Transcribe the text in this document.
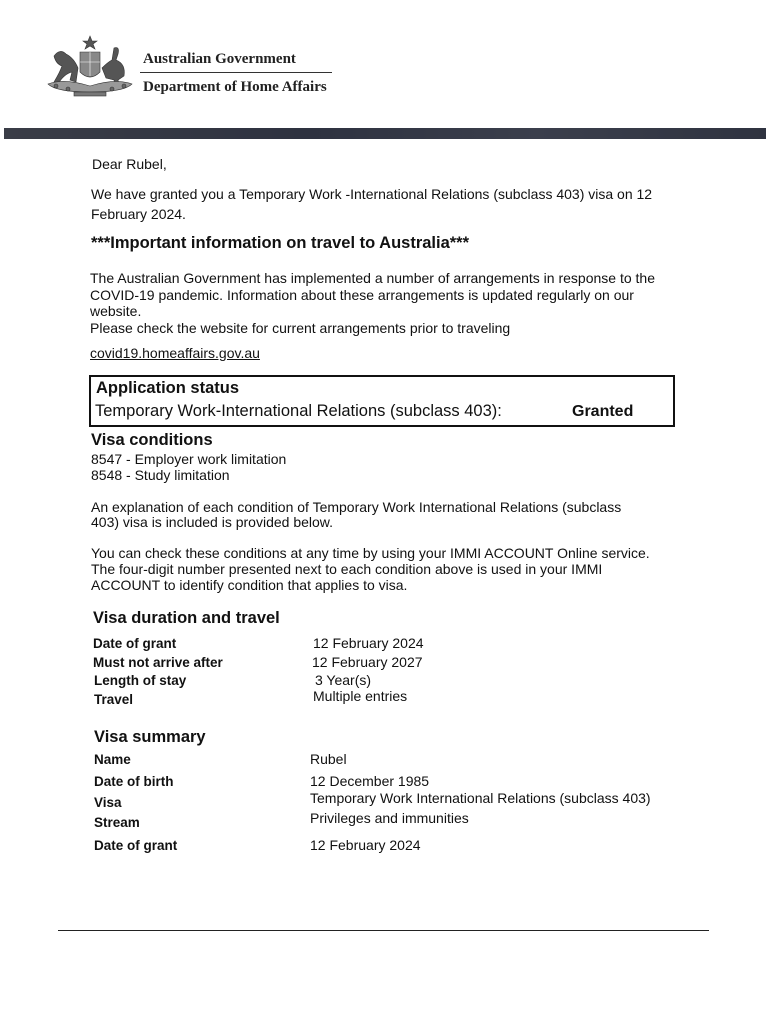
Australian Government
Department of Home Affairs
Dear Rubel,
We have granted you a Temporary Work -International Relations (subclass 403) visa on 12
February 2024.
***Important information on travel to Australia***
The Australian Government has implemented a number of arrangements in response to the
COVID-19 pandemic. Information about these arrangements is updated regularly on our
website.
Please check the website for current arrangements prior to traveling
covid19.homeaffairs.gov.au
Application status
Temporary Work-International Relations (subclass 403):	Granted
Visa conditions
8547 - Employer work limitation
8548 - Study limitation
An explanation of each condition of Temporary Work International Relations (subclass
403) visa is included is provided below.
You can check these conditions at any time by using your IMMI ACCOUNT Online service.
The four-digit number presented next to each condition above is used in your IMMI
ACCOUNT to identify condition that applies to visa.
Visa duration and travel
Date of grant	12 February 2024
Must not arrive after	12 February 2027
Length of stay	3 Year(s)
Travel	Multiple entries
Visa summary
Name	Rubel
Date of birth	12 December 1985
Visa	Temporary Work International Relations (subclass 403)
Stream	Privileges and immunities
Date of grant	12 February 2024
